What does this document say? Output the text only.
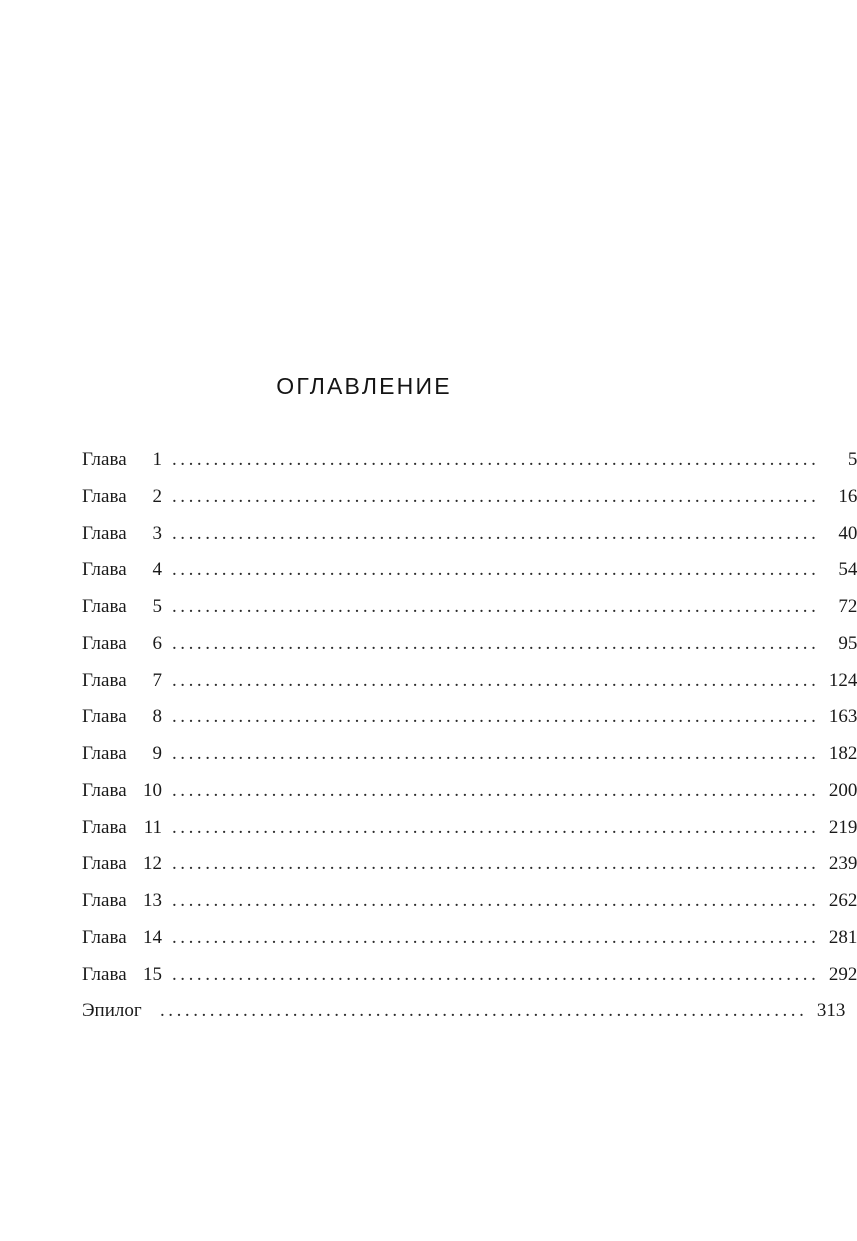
ОГЛАВЛЕНИЕ
Глава	1 ..............................................................................	5
Глава	2 ..............................................................................	16
Глава	3 ..............................................................................	40
Глава	4 ..............................................................................	54
Глава	5 ..............................................................................	72
Глава	6 ..............................................................................	95
Глава	7 .............................................................................. 124
Глава	8 .............................................................................. 163
Глава	9 .............................................................................. 182
Глава 10 .............................................................................. 200
Глава 11 .............................................................................. 219
Глава 12 .............................................................................. 239
Глава 13 .............................................................................. 262
Глава 14 .............................................................................. 281
Глава 15 .............................................................................. 292
Эпилог .............................................................................. 313
